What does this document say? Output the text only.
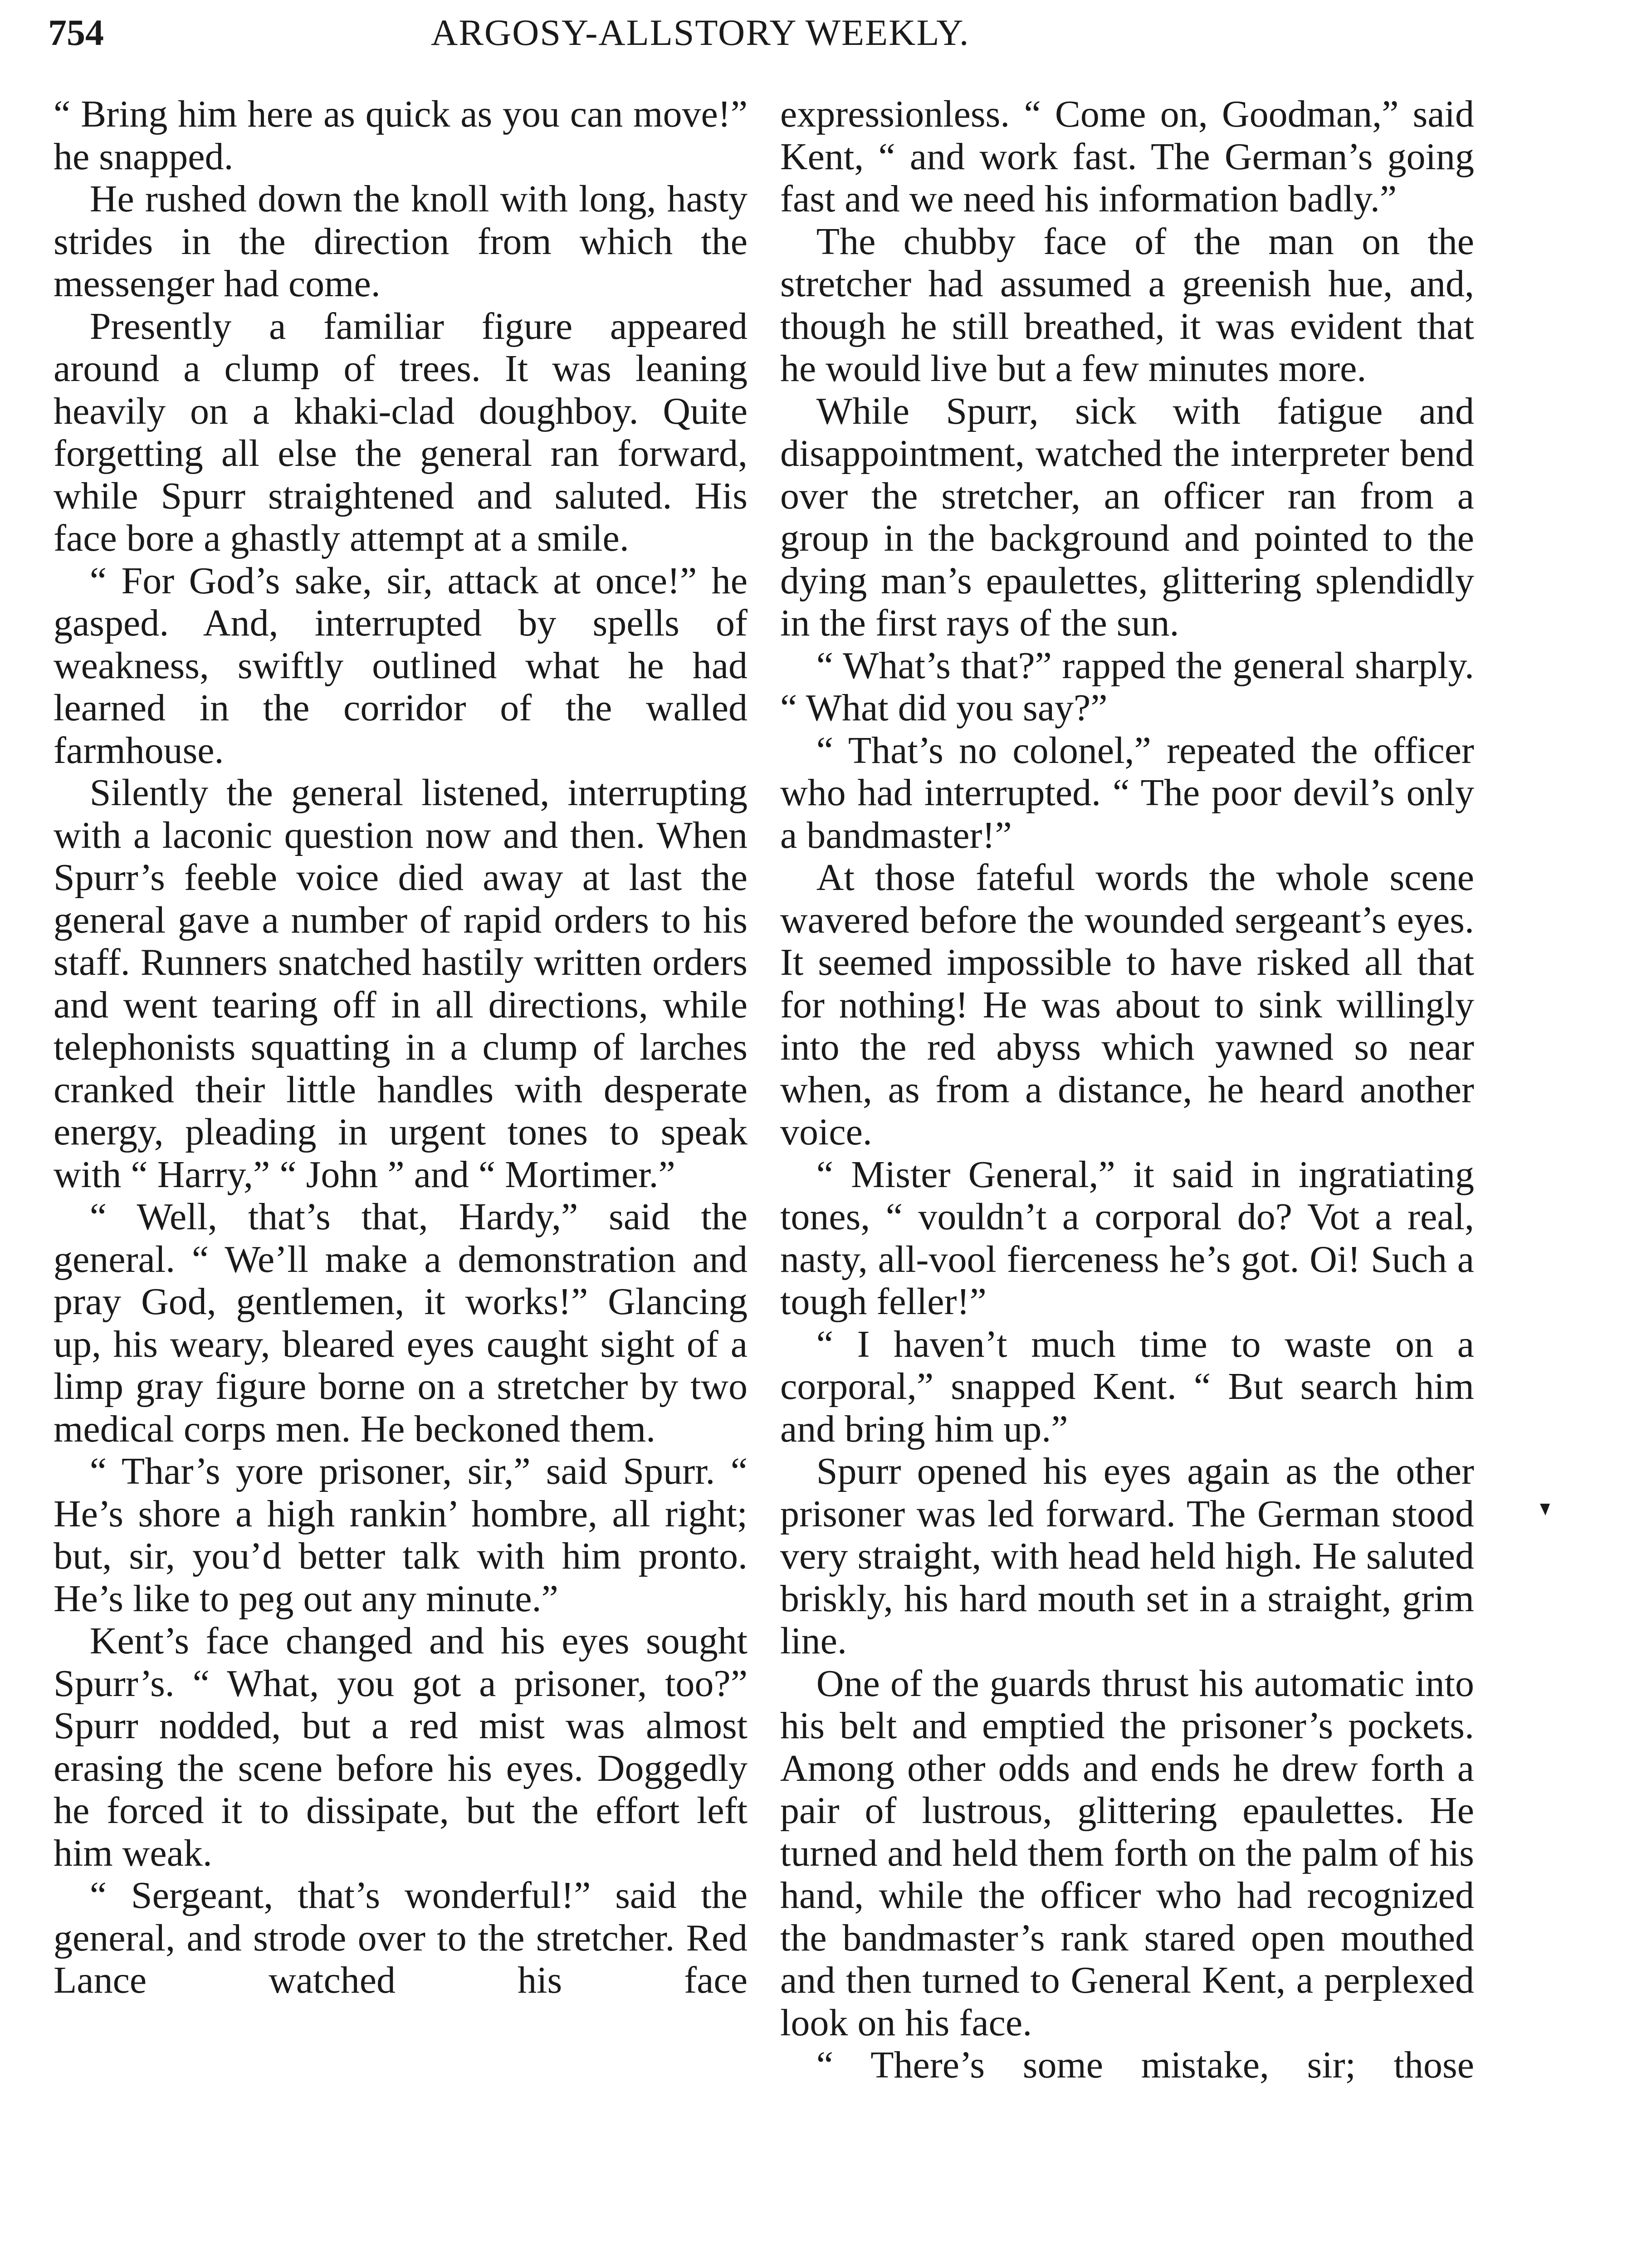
754	ARGOSY-ALLSTORY WEEKLY.

“ Bring him here as quick as you can move!” he snapped.

He rushed down the knoll with long, hasty strides in the direction from which the messenger had come.

Presently a familiar figure appeared around a clump of trees. It was leaning heavily on a khaki-clad doughboy. Quite forgetting all else the general ran forward, while Spurr straightened and saluted. His face bore a ghastly attempt at a smile.

“ For God’s sake, sir, attack at once!” he gasped. And, interrupted by spells of weakness, swiftly outlined what he had learned in the corridor of the walled farmhouse.

Silently the general listened, interrupting with a laconic question now and then. When Spurr’s feeble voice died away at last the general gave a number of rapid orders to his staff. Runners snatched hastily written orders and went tearing off in all directions, while telephonists squatting in a clump of larches cranked their little handles with desperate energy, pleading in urgent tones to speak with “ Harry,” “ John ” and “ Mortimer.”

“ Well, that’s that, Hardy,” said the general. “ We’ll make a demonstration and pray God, gentlemen, it works!” Glancing up, his weary, bleared eyes caught sight of a limp gray figure borne on a stretcher by two medical corps men. He beckoned them.

“ Thar’s yore prisoner, sir,” said Spurr. “ He’s shore a high rankin’ hombre, all right; but, sir, you’d better talk with him pronto. He’s like to peg out any minute.”

Kent’s face changed and his eyes sought Spurr’s. “ What, you got a prisoner, too?” Spurr nodded, but a red mist was almost erasing the scene before his eyes. Doggedly he forced it to dissipate, but the effort left him weak.

“ Sergeant, that’s wonderful!” said the general, and strode over to the stretcher. Red Lance watched his face

expressionless. “ Come on, Goodman,” said Kent, “ and work fast. The German’s going fast and we need his information badly.”

The chubby face of the man on the stretcher had assumed a greenish hue, and, though he still breathed, it was evident that he would live but a few minutes more.

While Spurr, sick with fatigue and disappointment, watched the interpreter bend over the stretcher, an officer ran from a group in the background and pointed to the dying man’s epaulettes, glittering splendidly in the first rays of the sun.

“ What’s that?” rapped the general sharply. “ What did you say?”

“ That’s no colonel,” repeated the officer who had interrupted. “ The poor devil’s only a bandmaster!”

At those fateful words the whole scene wavered before the wounded sergeant’s eyes. It seemed impossible to have risked all that for nothing! He was about to sink willingly into the red abyss which yawned so near when, as from a distance, he heard another voice.

“ Mister General,” it said in ingratiating tones, “ vouldn’t a corporal do? Vot a real, nasty, all-vool fierceness he’s got. Oi! Such a tough feller!”

“ I haven’t much time to waste on a corporal,” snapped Kent. “ But search him and bring him up.”

Spurr opened his eyes again as the other prisoner was led forward. The German stood very straight, with head held high. He saluted briskly, his hard mouth set in a straight, grim line.

One of the guards thrust his automatic into his belt and emptied the prisoner’s pockets. Among other odds and ends he drew forth a pair of lustrous, glittering epaulettes. He turned and held them forth on the palm of his hand, while the officer who had recognized the bandmaster’s rank stared open mouthed and then turned to General Kent, a perplexed look on his face.

“ There’s some mistake, sir; those
